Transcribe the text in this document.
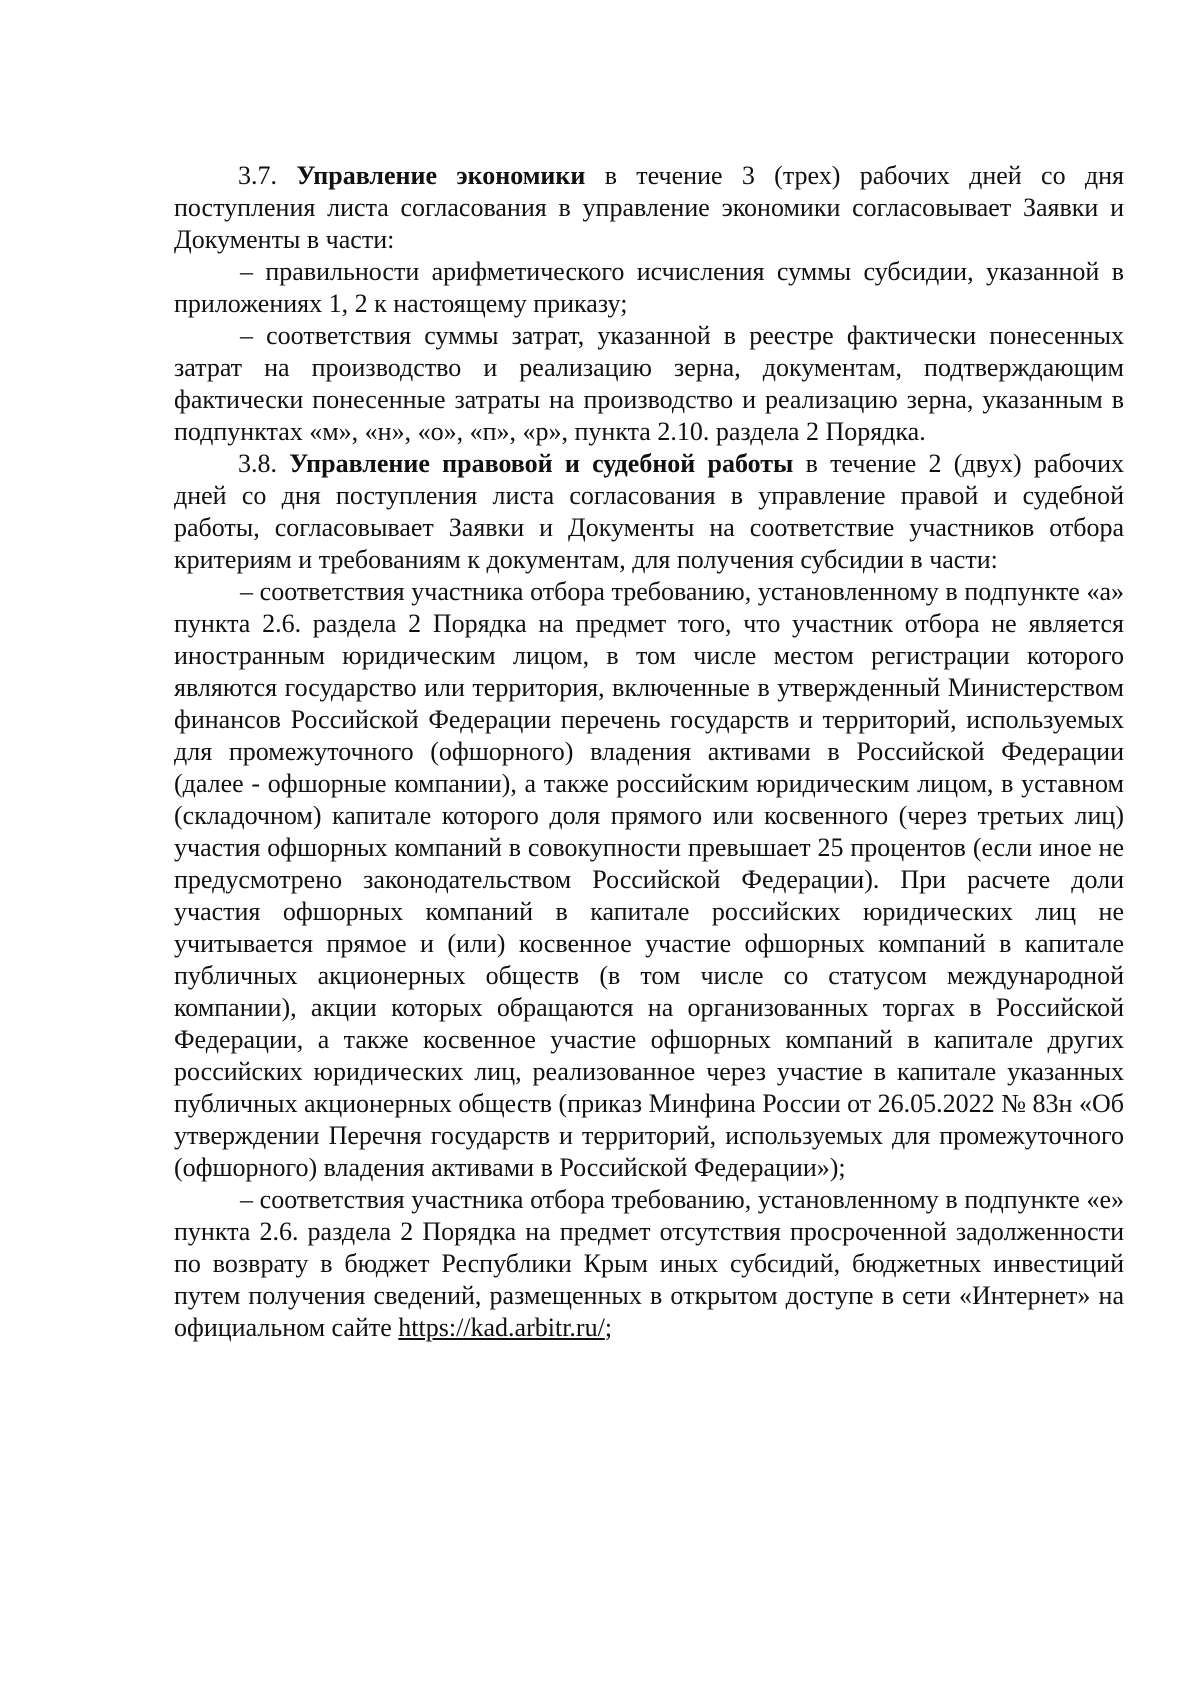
3.7. Управление экономики в течение 3 (трех) рабочих дней со дня поступления листа согласования в управление экономики согласовывает Заявки и Документы в части:

– правильности арифметического исчисления суммы субсидии, указанной в приложениях 1, 2 к настоящему приказу;

– соответствия суммы затрат, указанной в реестре фактически понесенных затрат на производство и реализацию зерна, документам, подтверждающим фактически понесенные затраты на производство и реализацию зерна, указанным в подпунктах «м», «н», «о», «п», «р», пункта 2.10. раздела 2 Порядка.

3.8. Управление правовой и судебной работы в течение 2 (двух) рабочих дней со дня поступления листа согласования в управление правой и судебной работы, согласовывает Заявки и Документы на соответствие участников отбора критериям и требованиям к документам, для получения субсидии в части:

– соответствия участника отбора требованию, установленному в подпункте «а» пункта 2.6. раздела 2 Порядка на предмет того, что участник отбора не является иностранным юридическим лицом, в том числе местом регистрации которого являются государство или территория, включенные в утвержденный Министерством финансов Российской Федерации перечень государств и территорий, используемых для промежуточного (офшорного) владения активами в Российской Федерации (далее - офшорные компании), а также российским юридическим лицом, в уставном (складочном) капитале которого доля прямого или косвенного (через третьих лиц) участия офшорных компаний в совокупности превышает 25 процентов (если иное не предусмотрено законодательством Российской Федерации). При расчете доли участия офшорных компаний в капитале российских юридических лиц не учитывается прямое и (или) косвенное участие офшорных компаний в капитале публичных акционерных обществ (в том числе со статусом международной компании), акции которых обращаются на организованных торгах в Российской Федерации, а также косвенное участие офшорных компаний в капитале других российских юридических лиц, реализованное через участие в капитале указанных публичных акционерных обществ (приказ Минфина России от 26.05.2022 № 83н «Об утверждении Перечня государств и территорий, используемых для промежуточного (офшорного) владения активами в Российской Федерации»);

– соответствия участника отбора требованию, установленному в подпункте «е» пункта 2.6. раздела 2 Порядка на предмет отсутствия просроченной задолженности по возврату в бюджет Республики Крым иных субсидий, бюджетных инвестиций путем получения сведений, размещенных в открытом доступе в сети «Интернет» на официальном сайте https://kad.arbitr.ru/;
